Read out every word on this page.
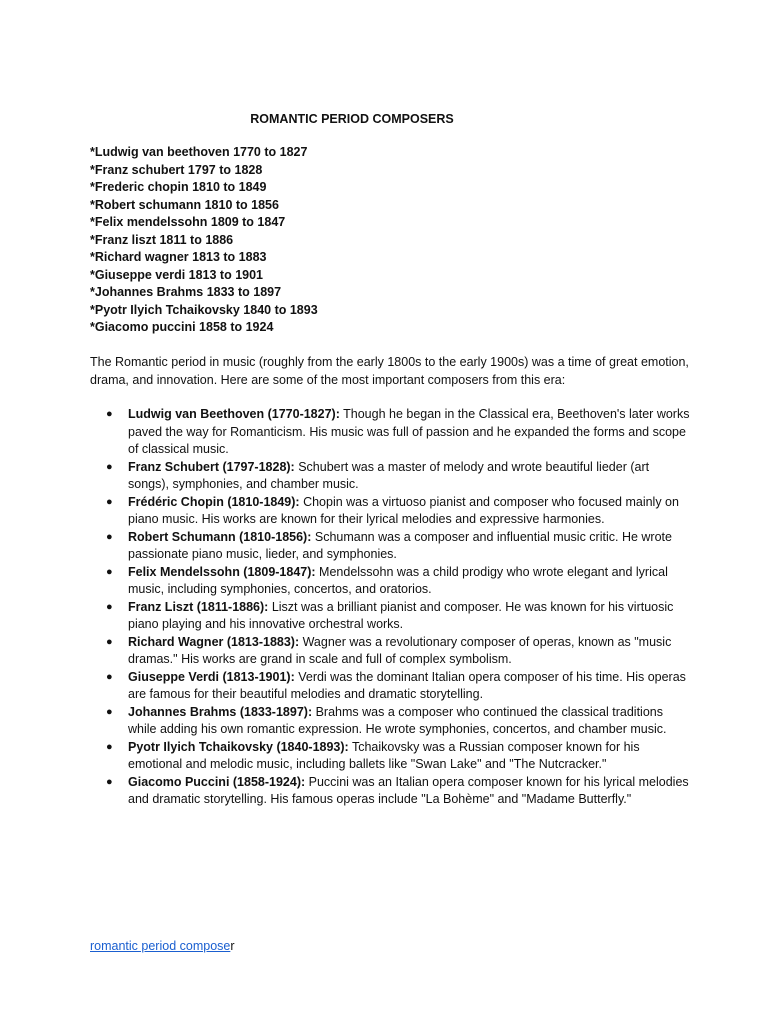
ROMANTIC PERIOD COMPOSERS
*Ludwig van beethoven 1770 to 1827
*Franz schubert 1797 to 1828
*Frederic chopin 1810 to 1849
*Robert schumann 1810 to 1856
*Felix mendelssohn 1809 to 1847
*Franz liszt 1811 to 1886
*Richard wagner 1813 to 1883
*Giuseppe verdi 1813 to 1901
*Johannes Brahms 1833 to 1897
*Pyotr Ilyich Tchaikovsky 1840 to 1893
*Giacomo puccini 1858 to 1924

The Romantic period in music (roughly from the early 1800s to the early 1900s) was a time of great emotion, drama, and innovation. Here are some of the most important composers from this era:

● Ludwig van Beethoven (1770-1827): Though he began in the Classical era, Beethoven's later works paved the way for Romanticism. His music was full of passion and he expanded the forms and scope of classical music.
● Franz Schubert (1797-1828): Schubert was a master of melody and wrote beautiful lieder (art songs), symphonies, and chamber music.
● Frédéric Chopin (1810-1849): Chopin was a virtuoso pianist and composer who focused mainly on piano music. His works are known for their lyrical melodies and expressive harmonies.
● Robert Schumann (1810-1856): Schumann was a composer and influential music critic. He wrote passionate piano music, lieder, and symphonies.
● Felix Mendelssohn (1809-1847): Mendelssohn was a child prodigy who wrote elegant and lyrical music, including symphonies, concertos, and oratorios.
● Franz Liszt (1811-1886): Liszt was a brilliant pianist and composer. He was known for his virtuosic piano playing and his innovative orchestral works.
● Richard Wagner (1813-1883): Wagner was a revolutionary composer of operas, known as "music dramas." His works are grand in scale and full of complex symbolism.
● Giuseppe Verdi (1813-1901): Verdi was the dominant Italian opera composer of his time. His operas are famous for their beautiful melodies and dramatic storytelling.
● Johannes Brahms (1833-1897): Brahms was a composer who continued the classical traditions while adding his own romantic expression. He wrote symphonies, concertos, and chamber music.
● Pyotr Ilyich Tchaikovsky (1840-1893): Tchaikovsky was a Russian composer known for his emotional and melodic music, including ballets like "Swan Lake" and "The Nutcracker."
● Giacomo Puccini (1858-1924): Puccini was an Italian opera composer known for his lyrical melodies and dramatic storytelling. His famous operas include "La Bohème" and "Madame Butterfly."
romantic period composer
